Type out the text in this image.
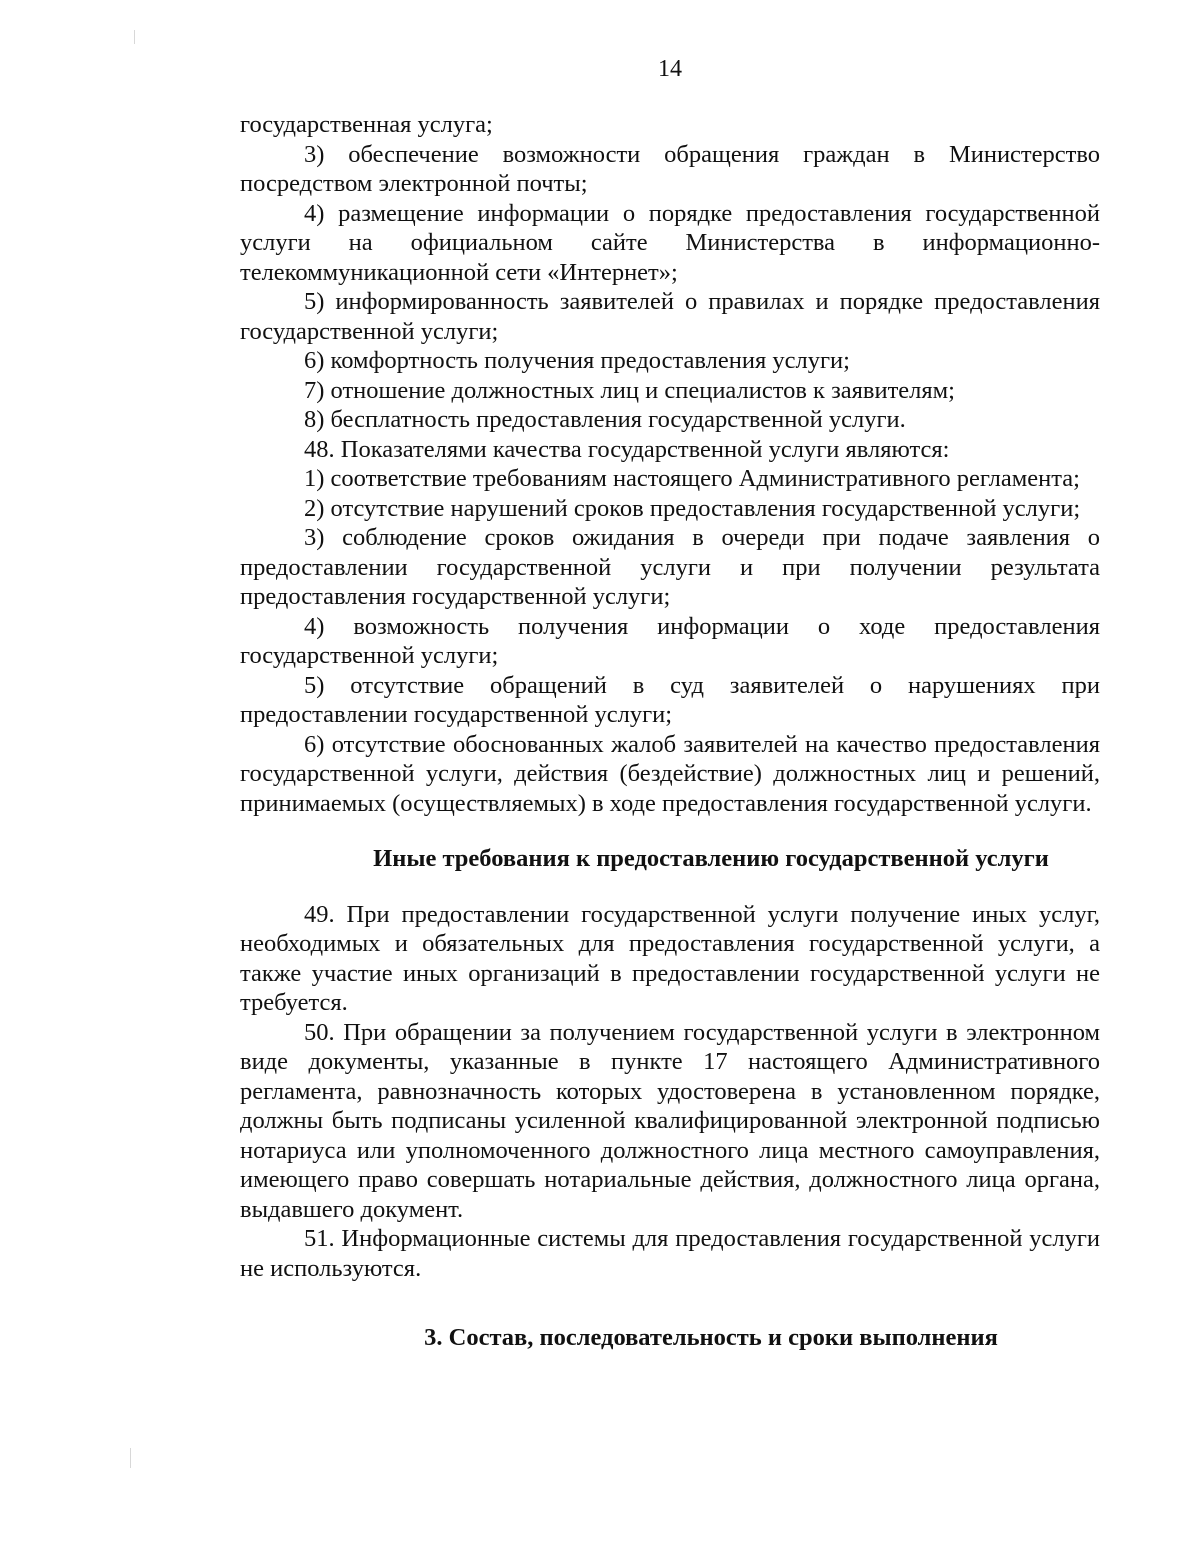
14

государственная услуга;

3) обеспечение возможности обращения граждан в Министерство посредством электронной почты;

4) размещение информации о порядке предоставления государственной услуги на официальном сайте Министерства в информационно-телекоммуникационной сети «Интернет»;

5) информированность заявителей о правилах и порядке предоставления государственной услуги;

6) комфортность получения предоставления услуги;

7) отношение должностных лиц и специалистов к заявителям;

8) бесплатность предоставления государственной услуги.

48. Показателями качества государственной услуги являются:

1) соответствие требованиям настоящего Административного регламента;

2) отсутствие нарушений сроков предоставления государственной услуги;

3) соблюдение сроков ожидания в очереди при подаче заявления о предоставлении государственной услуги и при получении результата предоставления государственной услуги;

4) возможность получения информации о ходе предоставления государственной услуги;

5) отсутствие обращений в суд заявителей о нарушениях при предоставлении государственной услуги;

6) отсутствие обоснованных жалоб заявителей на качество предоставления государственной услуги, действия (бездействие) должностных лиц и решений, принимаемых (осуществляемых) в ходе предоставления государственной услуги.

Иные требования к предоставлению государственной услуги

49. При предоставлении государственной услуги получение иных услуг, необходимых и обязательных для предоставления государственной услуги, а также участие иных организаций в предоставлении государственной услуги не требуется.

50. При обращении за получением государственной услуги в электронном виде документы, указанные в пункте 17 настоящего Административного регламента, равнозначность которых удостоверена в установленном порядке, должны быть подписаны усиленной квалифицированной электронной подписью нотариуса или уполномоченного должностного лица местного самоуправления, имеющего право совершать нотариальные действия, должностного лица органа, выдавшего документ.

51. Информационные системы для предоставления государственной услуги не используются.

3. Состав, последовательность и сроки выполнения
